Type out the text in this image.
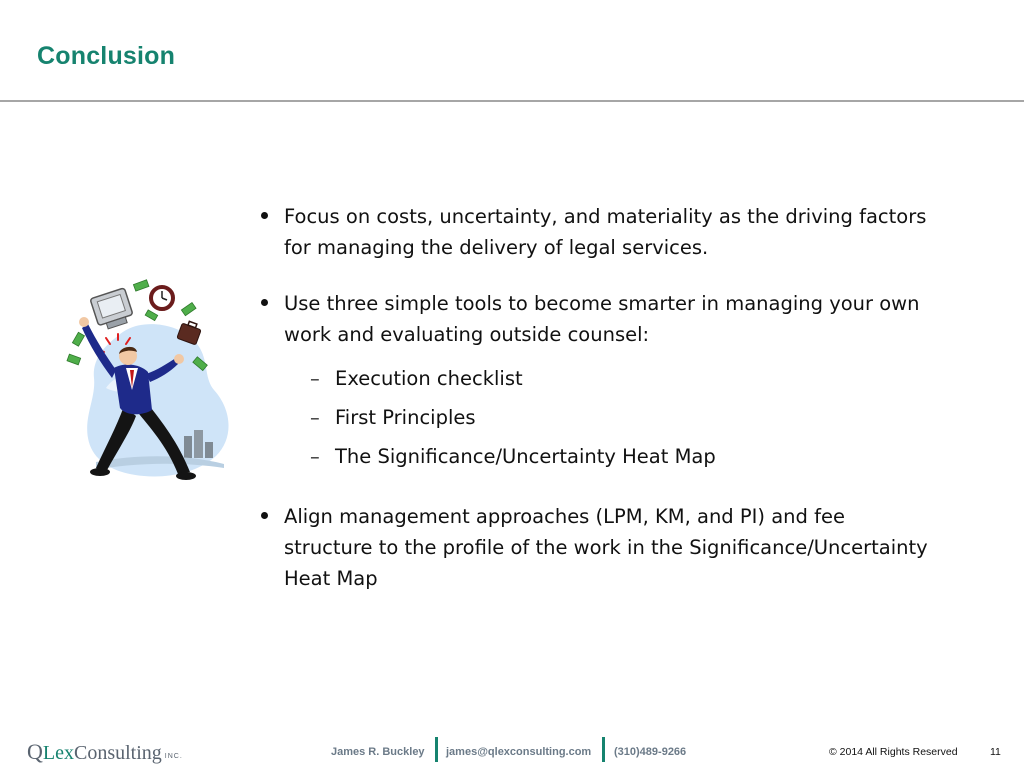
Conclusion
Focus on costs, uncertainty, and materiality as the driving factors for managing the delivery of legal services.
Use three simple tools to become smarter in managing your own work and evaluating outside counsel:
– Execution checklist
– First Principles
– The Significance/Uncertainty Heat Map
Align management approaches (LPM, KM, and PI) and fee structure to the profile of the work in the Significance/Uncertainty Heat Map
QLexConsulting INC.	James R. Buckley james@qlexconsulting.com (310)489-9266	© 2014 All Rights Reserved	11
